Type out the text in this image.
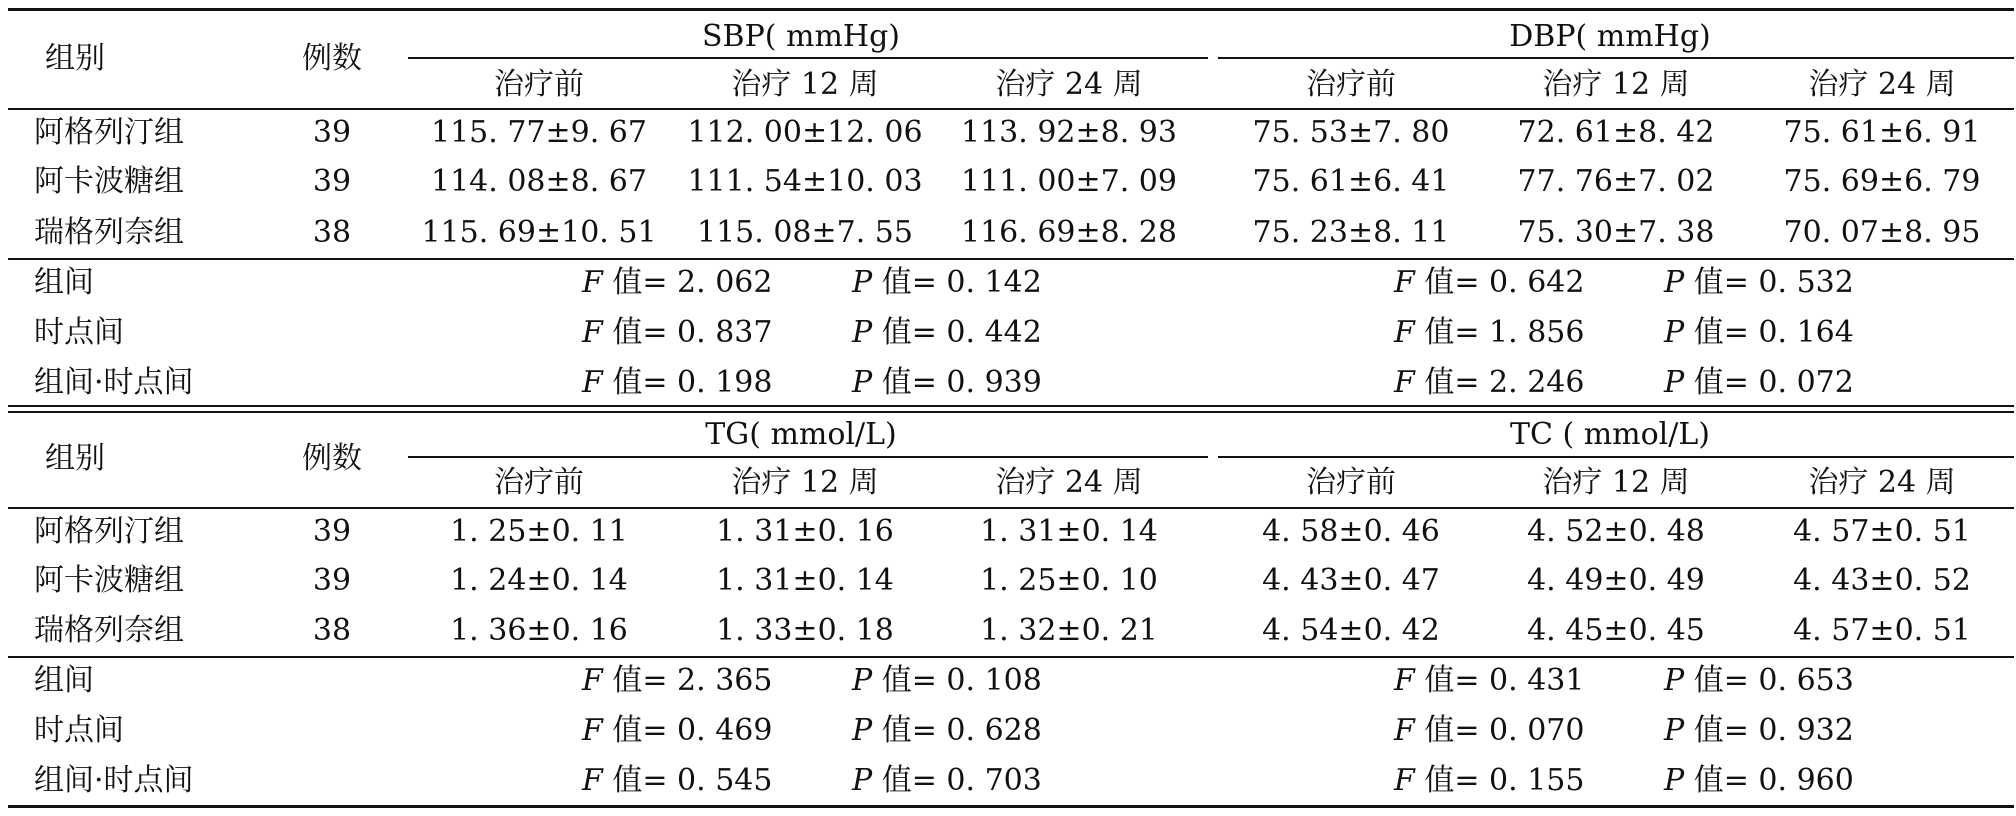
组别	例数
SBP( mmHg)	DBP( mmHg)
治疗前	治疗 12 周	治疗 24 周	治疗前	治疗 12 周	治疗 24 周
阿格列汀组	39	115. 77±9. 67 112. 00±12. 06 113. 92±8. 93	75. 53±7. 80 72. 61±8. 42 75. 61±6. 91
阿卡波糖组	39	114. 08±8. 67 111. 54±10. 03 111. 00±7. 09	75. 61±6. 41 77. 76±7. 02 75. 69±6. 79
瑞格列奈组	38 115. 69±10. 51 115. 08±7. 55 116. 69±8. 28	75. 23±8. 11 75. 30±7. 38 70. 07±8. 95
组间	F 值= 2. 062	P 值= 0. 142	F 值= 0. 642	P 值= 0. 532
时点间	F 值= 0. 837	P 值= 0. 442	F 值= 1. 856	P 值= 0. 164
组间·时点间	F 值= 0. 198	P 值= 0. 939	F 值= 2. 246	P 值= 0. 072
组别	例数
TG( mmol/L)	TC ( mmol/L)
治疗前	治疗 12 周	治疗 24 周	治疗前	治疗 12 周	治疗 24 周
阿格列汀组	39	1. 25±0. 11	1. 31±0. 16	1. 31±0. 14	4. 58±0. 46	4. 52±0. 48	4. 57±0. 51
阿卡波糖组	39	1. 24±0. 14	1. 31±0. 14	1. 25±0. 10	4. 43±0. 47	4. 49±0. 49	4. 43±0. 52
瑞格列奈组	38	1. 36±0. 16	1. 33±0. 18	1. 32±0. 21	4. 54±0. 42	4. 45±0. 45	4. 57±0. 51
组间	F 值= 2. 365	P 值= 0. 108	F 值= 0. 431	P 值= 0. 653
时点间	F 值= 0. 469	P 值= 0. 628	F 值= 0. 070	P 值= 0. 932
组间·时点间	F 值= 0. 545	P 值= 0. 703	F 值= 0. 155	P 值= 0. 960
